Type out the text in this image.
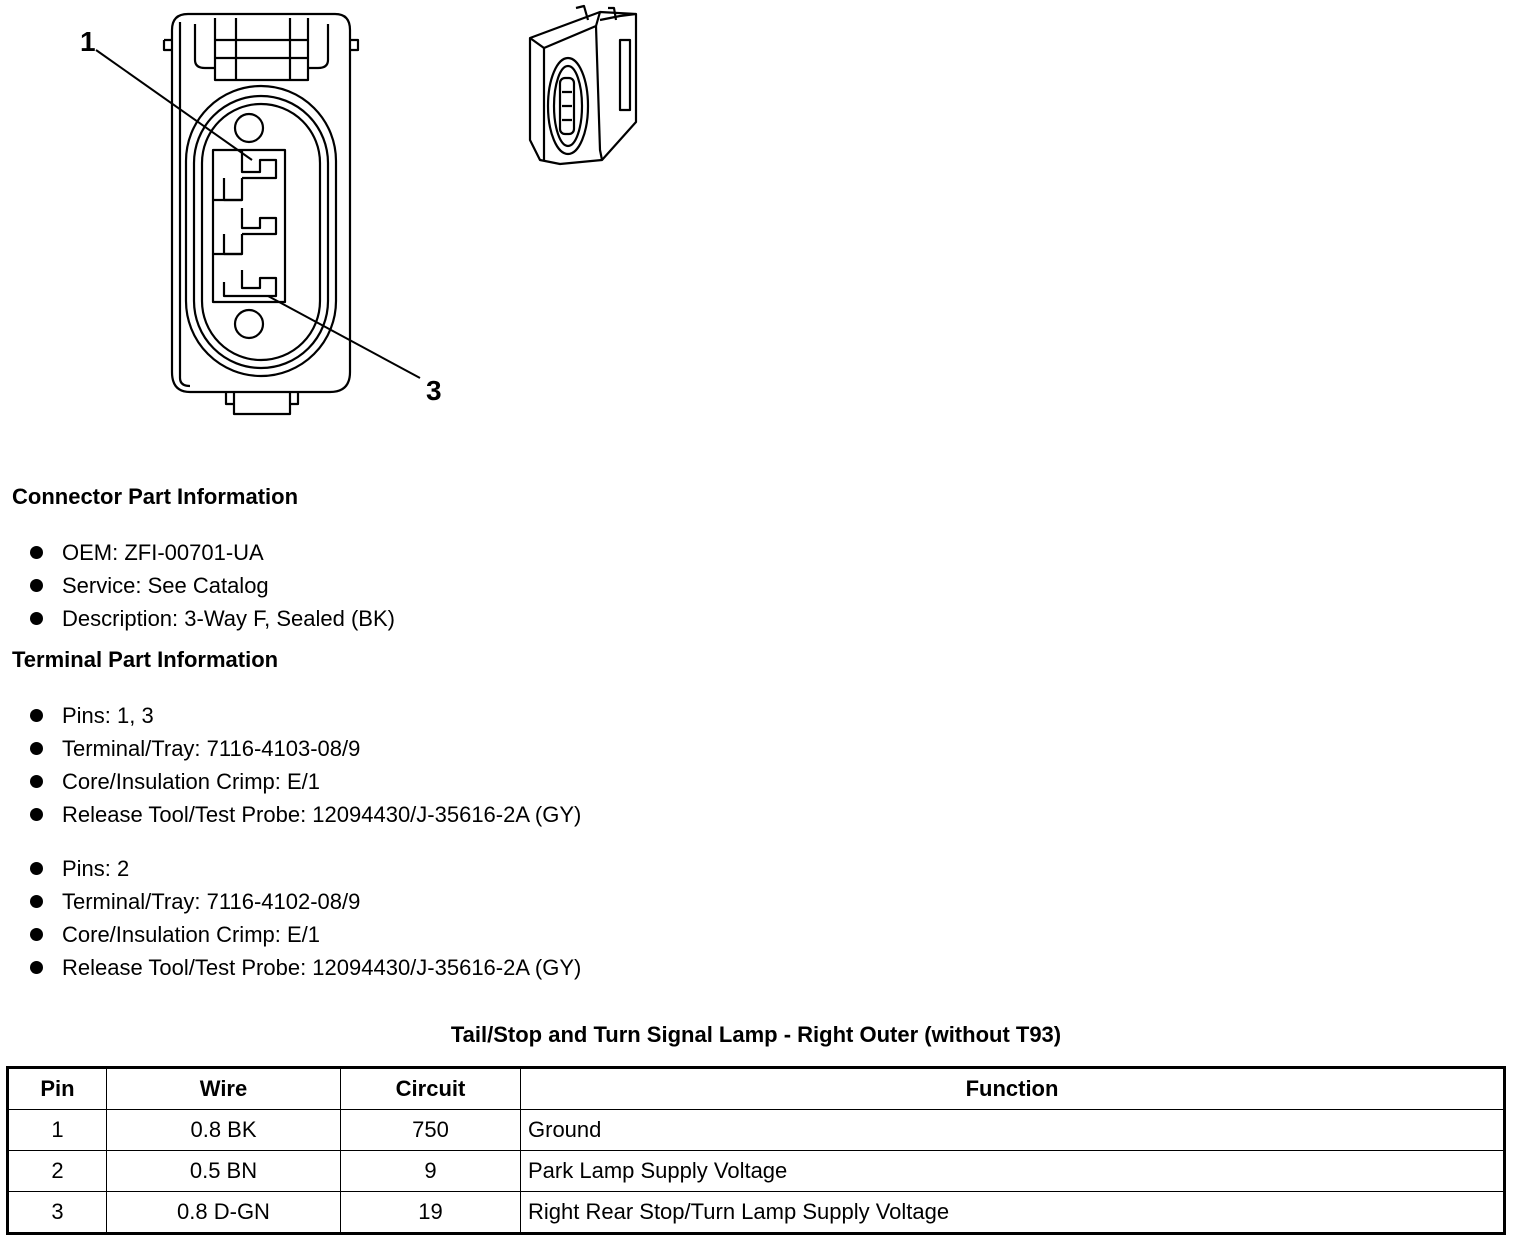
1
3
Connector Part Information
OEM: ZFI-00701-UA
Service: See Catalog
Description: 3-Way F, Sealed (BK)
Terminal Part Information
Pins: 1, 3
Terminal/Tray: 7116-4103-08/9
Core/Insulation Crimp: E/1
Release Tool/Test Probe: 12094430/J-35616-2A (GY)
Pins: 2
Terminal/Tray: 7116-4102-08/9
Core/Insulation Crimp: E/1
Release Tool/Test Probe: 12094430/J-35616-2A (GY)
Tail/Stop and Turn Signal Lamp - Right Outer (without T93)
Pin	Wire	Circuit	Function
1	0.8 BK	750	Ground
2	0.5 BN	9	Park Lamp Supply Voltage
3	0.8 D-GN	19	Right Rear Stop/Turn Lamp Supply Voltage
